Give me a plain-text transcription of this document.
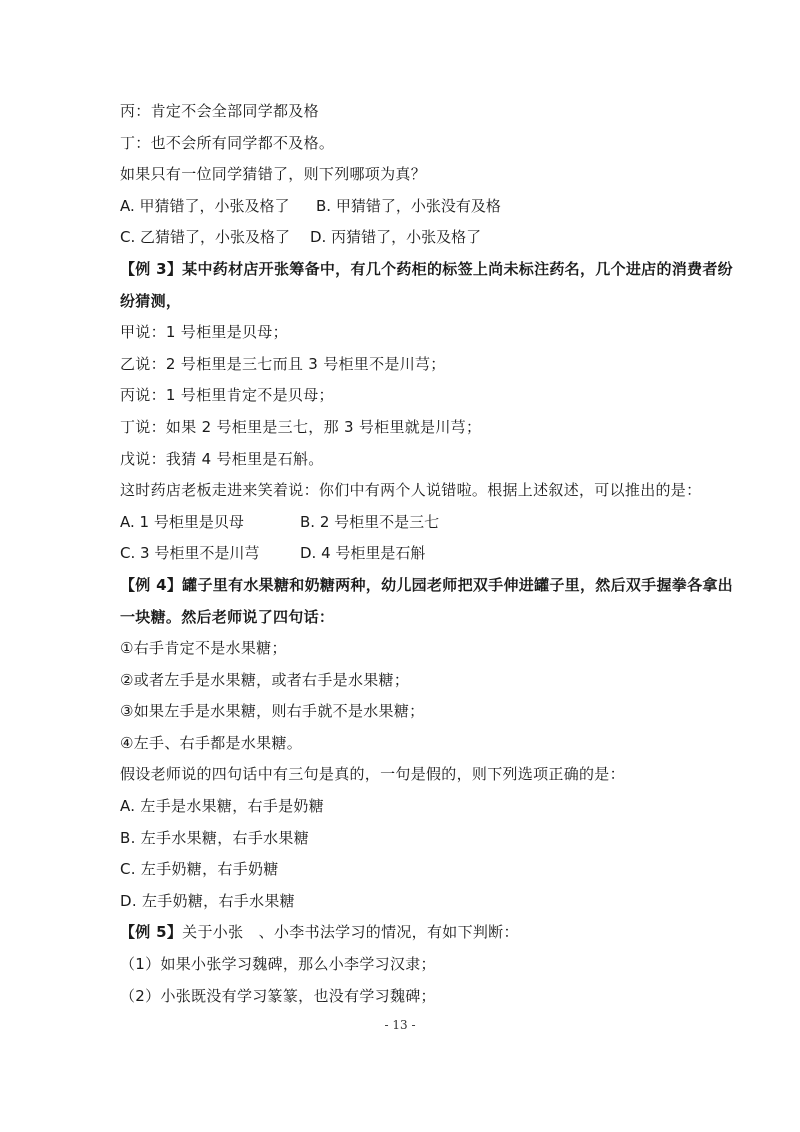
丙：肯定不会全部同学都及格
丁：也不会所有同学都不及格。
如果只有一位同学猜错了，则下列哪项为真？
A. 甲猜错了，小张及格了 B. 甲猜错了，小张没有及格
C. 乙猜错了，小张及格了 D. 丙猜错了，小张及格了
【例 3】某中药材店开张筹备中，有几个药柜的标签上尚未标注药名，几个进店的消费者纷
纷猜测，
甲说：1 号柜里是贝母；
乙说：2 号柜里是三七而且 3 号柜里不是川芎；
丙说：1 号柜里肯定不是贝母；
丁说：如果 2 号柜里是三七，那 3 号柜里就是川芎；
戊说：我猜 4 号柜里是石斛。
这时药店老板走进来笑着说：你们中有两个人说错啦。根据上述叙述，可以推出的是：
A. 1 号柜里是贝母	B. 2 号柜里不是三七
C. 3 号柜里不是川芎	D. 4 号柜里是石斛
【例 4】罐子里有水果糖和奶糖两种，幼儿园老师把双手伸进罐子里，然后双手握拳各拿出
一块糖。然后老师说了四句话：
①右手肯定不是水果糖；
②或者左手是水果糖，或者右手是水果糖；
③如果左手是水果糖，则右手就不是水果糖；
④左手、右手都是水果糖。
假设老师说的四句话中有三句是真的，一句是假的，则下列选项正确的是：
A. 左手是水果糖，右手是奶糖
B. 左手水果糖，右手水果糖
C. 左手奶糖，右手奶糖
D. 左手奶糖，右手水果糖
【例 5】关于小张　、小李书法学习的情况，有如下判断：
（1）如果小张学习魏碑，那么小李学习汉隶；
（2）小张既没有学习篆篆，也没有学习魏碑；
- 13 -
